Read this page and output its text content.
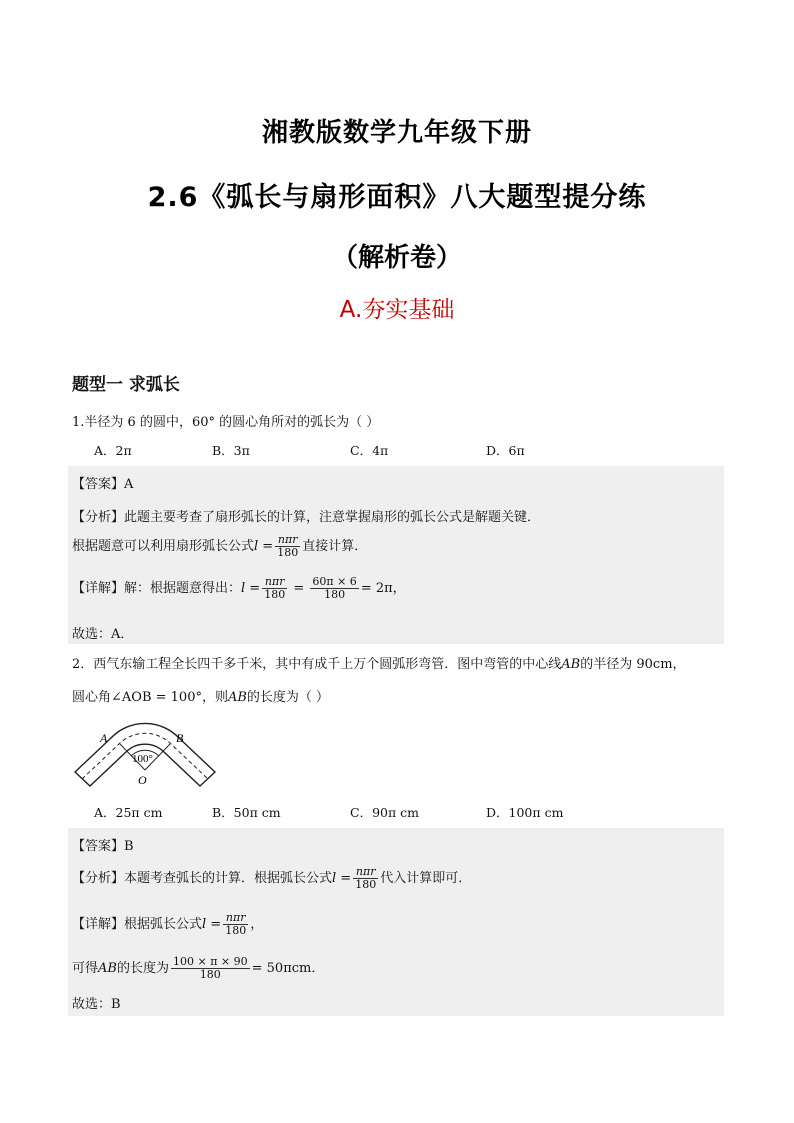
湘教版数学九年级下册
2.6《弧长与扇形面积》八大题型提分练
（解析卷）
A.夯实基础
题型一 求弧长
1.半径为 6 的圆中，60° 的圆心角所对的弧长为（ ）
A．2π	B．3π	C．4π	D．6π
【答案】A
【分析】此题主要考查了扇形弧长的计算，注意掌握扇形的弧长公式是解题关键．
根据题意可以利用扇形弧长公式$l = \frac{\text{nπr}}{180}$ 直接计算．
【详解】解：根据题意得出：$l = \frac{\text{nπr}}{180} = \frac{60\pi \times 6}{180} = 2\pi$，
故选：A．
2．西气东输工程全长四千多千米，其中有成千上万个圆弧形弯管．图中弯管的中心线AB的半径为 90cm，
圆心角∠AOB = 100°，则AB的长度为（ ）
A	B
O
100°
A．25π cm	B．50π cm	C．90π cm	D．100π cm
【答案】B
【分析】本题考查弧长的计算．根据弧长公式$l = \frac{\text{nπr}}{180}$ 代入计算即可．
【详解】根据弧长公式$l = \frac{\text{nπr}}{180}$ ，
可得AB的长度为 $\frac{100 \times \pi \times 90}{180} = 50\pi cm$．
故选：B
